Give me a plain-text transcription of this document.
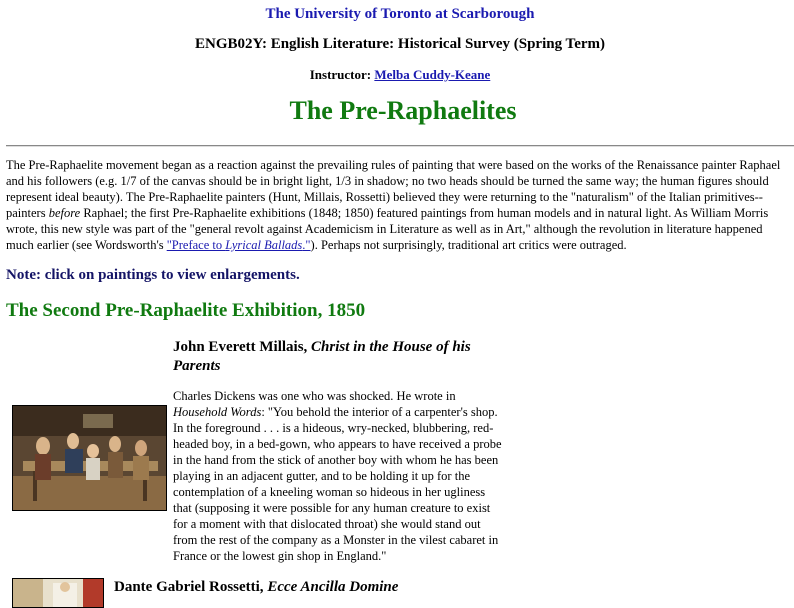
The University of Toronto at Scarborough
ENGB02Y: English Literature: Historical Survey (Spring Term)
Instructor: Melba Cuddy-Keane
The Pre-Raphaelites
The Pre-Raphaelite movement began as a reaction against the prevailing rules of painting that were based on the works of the Renaissance painter Raphael and his followers (e.g. 1/7 of the canvas should be in bright light, 1/3 in shadow; no two heads should be turned the same way; the human figures should represent ideal beauty). The Pre-Raphaelite painters (Hunt, Millais, Rossetti) believed they were returning to the "naturalism" of the Italian primitives--painters before Raphael; the first Pre-Raphaelite exhibitions (1848; 1850) featured paintings from human models and in natural light. As William Morris wrote, this new style was part of the "general revolt against Academicism in Literature as well as in Art," although the revolution in literature happened much earlier (see Wordsworth's "Preface to Lyrical Ballads."). Perhaps not surprisingly, traditional art critics were outraged.
Note: click on paintings to view enlargements.
The Second Pre-Raphaelite Exhibition, 1850
John Everett Millais, Christ in the House of his Parents
Charles Dickens was one who was shocked. He wrote in Household Words: "You behold the interior of a carpenter's shop. In the foreground . . . is a hideous, wry-necked, blubbering, red-headed boy, in a bed-gown, who appears to have received a probe in the hand from the stick of another boy with whom he has been playing in an adjacent gutter, and to be holding it up for the contemplation of a kneeling woman so hideous in her ugliness that (supposing it were possible for any human creature to exist for a moment with that dislocated throat) she would stand out from the rest of the company as a Monster in the vilest cabaret in France or the lowest gin shop in England."
Dante Gabriel Rossetti, Ecce Ancilla Domine
